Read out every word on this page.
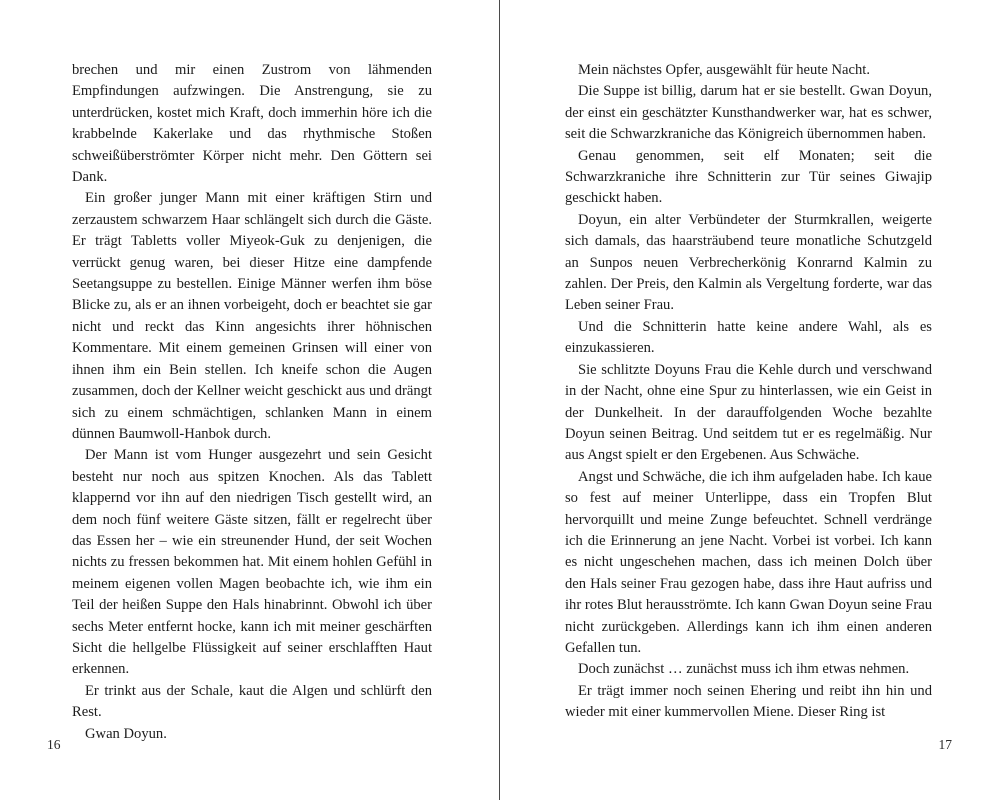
brechen und mir einen Zustrom von lähmenden Empfindungen aufzwingen. Die Anstrengung, sie zu unterdrücken, kostet mich Kraft, doch immerhin höre ich die krabbelnde Kakerlake und das rhythmische Stoßen schweißüberströmter Körper nicht mehr. Den Göttern sei Dank.

Ein großer junger Mann mit einer kräftigen Stirn und zerzaustem schwarzem Haar schlängelt sich durch die Gäste. Er trägt Tabletts voller Miyeok-Guk zu denjenigen, die verrückt genug waren, bei dieser Hitze eine dampfende Seetangsuppe zu bestellen. Einige Männer werfen ihm böse Blicke zu, als er an ihnen vorbeigeht, doch er beachtet sie gar nicht und reckt das Kinn angesichts ihrer höhnischen Kommentare. Mit einem gemeinen Grinsen will einer von ihnen ihm ein Bein stellen. Ich kneife schon die Augen zusammen, doch der Kellner weicht geschickt aus und drängt sich zu einem schmächtigen, schlanken Mann in einem dünnen Baumwoll-Hanbok durch.

Der Mann ist vom Hunger ausgezehrt und sein Gesicht besteht nur noch aus spitzen Knochen. Als das Tablett klappernd vor ihn auf den niedrigen Tisch gestellt wird, an dem noch fünf weitere Gäste sitzen, fällt er regelrecht über das Essen her – wie ein streunender Hund, der seit Wochen nichts zu fressen bekommen hat. Mit einem hohlen Gefühl in meinem eigenen vollen Magen beobachte ich, wie ihm ein Teil der heißen Suppe den Hals hinabrinnt. Obwohl ich über sechs Meter entfernt hocke, kann ich mit meiner geschärften Sicht die hellgelbe Flüssigkeit auf seiner erschlafften Haut erkennen.

Er trinkt aus der Schale, kaut die Algen und schlürft den Rest.

Gwan Doyun.

16

Mein nächstes Opfer, ausgewählt für heute Nacht.

Die Suppe ist billig, darum hat er sie bestellt. Gwan Doyun, der einst ein geschätzter Kunsthandwerker war, hat es schwer, seit die Schwarzkraniche das Königreich übernommen haben.

Genau genommen, seit elf Monaten; seit die Schwarzkraniche ihre Schnitterin zur Tür seines Giwajip geschickt haben.

Doyun, ein alter Verbündeter der Sturmkrallen, weigerte sich damals, das haarsträubend teure monatliche Schutzgeld an Sunpos neuen Verbrecherkönig Konrarnd Kalmin zu zahlen. Der Preis, den Kalmin als Vergeltung forderte, war das Leben seiner Frau.

Und die Schnitterin hatte keine andere Wahl, als es einzukassieren.

Sie schlitzte Doyuns Frau die Kehle durch und verschwand in der Nacht, ohne eine Spur zu hinterlassen, wie ein Geist in der Dunkelheit. In der darauffolgenden Woche bezahlte Doyun seinen Beitrag. Und seitdem tut er es regelmäßig. Nur aus Angst spielt er den Ergebenen. Aus Schwäche.

Angst und Schwäche, die ich ihm aufgeladen habe. Ich kaue so fest auf meiner Unterlippe, dass ein Tropfen Blut hervorquillt und meine Zunge befeuchtet. Schnell verdränge ich die Erinnerung an jene Nacht. Vorbei ist vorbei. Ich kann es nicht ungeschehen machen, dass ich meinen Dolch über den Hals seiner Frau gezogen habe, dass ihre Haut aufriss und ihr rotes Blut herausströmte. Ich kann Gwan Doyun seine Frau nicht zurückgeben. Allerdings kann ich ihm einen anderen Gefallen tun.

Doch zunächst … zunächst muss ich ihm etwas nehmen.

Er trägt immer noch seinen Ehering und reibt ihn hin und wieder mit einer kummervollen Miene. Dieser Ring ist

17
